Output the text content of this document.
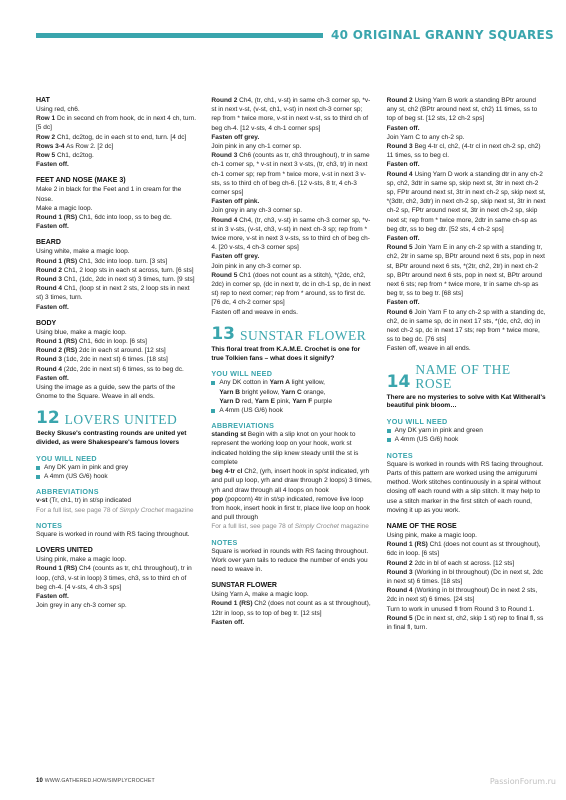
40 ORIGINAL GRANNY SQUARES
HAT

Using red, ch6.
Row 1 Dc in second ch from hook, dc in next 4 ch, turn. [5 dc]
Row 2 Ch1, dc2tog, dc in each st to end, turn. [4 dc]
Rows 3-4 As Row 2. [2 dc]
Row 5 Ch1, dc2tog.
Fasten off.

FEET AND NOSE (MAKE 3)

Make 2 in black for the Feet and 1 in cream for the Nose.
Make a magic loop.
Round 1 (RS) Ch1, 6dc into loop, ss to beg dc.
Fasten off.

BEARD

Using white, make a magic loop.
Round 1 (RS) Ch1, 3dc into loop. turn. [3 sts]
Round 2 Ch1, 2 loop sts in each st across, turn. [6 sts]
Round 3 Ch1, (1dc, 2dc in next st) 3 times, turn. [9 sts]
Round 4 Ch1, (loop st in next 2 sts, 2 loop sts in next st) 3 times, turn.
Fasten off.

BODY

Using blue, make a magic loop.
Round 1 (RS) Ch1, 6dc in loop. [6 sts]
Round 2 (RS) 2dc in each st around. [12 sts]
Round 3 (1dc, 2dc in next st) 6 times. [18 sts]
Round 4 (2dc, 2dc in next st) 6 times, ss to beg dc.
Fasten off.
Using the image as a guide, sew the parts of the Gnome to the Square. Weave in all ends.

12 LOVERS UNITED
Becky Skuse's contrasting rounds are united yet divided, as were Shakespeare's famous lovers
YOU WILL NEED
Any DK yarn in pink and grey
A 4mm (US G/6) hook
ABBREVIATIONS

v-st (Tr, ch1, tr) in st/sp indicated
For a full list, see page 78 of Simply Crochet magazine

NOTES

Square is worked in round with RS facing throughout.

LOVERS UNITED

Using pink, make a magic loop.
Round 1 (RS) Ch4 (counts as tr, ch1 throughout), tr in loop, (ch3, v-st in loop) 3 times, ch3, ss to third ch of beg ch-4. [4 v-sts, 4 ch-3 sps]
Fasten off.
Join grey in any ch-3 corner sp.

Round 2 Ch4, (tr, ch1, v-st) in same ch-3 corner sp, *v-st in next v-st, (v-st, ch1, v-st) in next ch-3 corner sp; rep from * twice more, v-st in next v-st, ss to third ch of beg ch-4. [12 v-sts, 4 ch-1 corner sps]
Fasten off grey.
Join pink in any ch-1 corner sp.
Round 3 Ch6 (counts as tr, ch3 throughout), tr in same ch-1 corner sp, * v-st in next 3 v-sts, (tr, ch3, tr) in next ch-1 corner sp; rep from * twice more, v-st in next 3 v-sts, ss to third ch of beg ch-6. [12 v-sts, 8 tr, 4 ch-3 corner sps]
Fasten off pink.
Join grey in any ch-3 corner sp.
Round 4 Ch4, (tr, ch3, v-st) in same ch-3 corner sp, *v-st in 3 v-sts, (v-st, ch3, v-st) in next ch-3 sp; rep from * twice more, v-st in next 3 v-sts, ss to third ch of beg ch-4. [20 v-sts, 4 ch-3 corner sps]
Fasten off grey.
Join pink in any ch-3 corner sp.
Round 5 Ch1 (does not count as a stitch), *(2dc, ch2, 2dc) in corner sp, (dc in next tr, dc in ch-1 sp, dc in next st) rep to next corner; rep from * around, ss to first dc. [76 dc, 4 ch-2 corner sps]
Fasten off and weave in ends.

13 SUNSTAR FLOWER
This floral treat from K.A.M.E. Crochet is one for true Tolkien fans – what does it signify?
YOU WILL NEED
Any DK cotton in Yarn A light yellow,

Yarn B bright yellow, Yarn C orange,
Yarn D red, Yarn E pink, Yarn F purple

A 4mm (US G/6) hook
ABBREVIATIONS

standing st Begin with a slip knot on your hook to represent the working loop on your hook, work st indicated holding the slip knew steady until the st is complete
beg 4-tr cl Ch2, (yrh, insert hook in sp/st indicated, yrh and pull up loop, yrh and draw through 2 loops) 3 times, yrh and draw through all 4 loops on hook
pop (popcorn) 4tr in st/sp indicated, remove live loop from hook, insert hook in first tr, place live loop on hook and pull through
For a full list, see page 78 of Simply Crochet magazine

NOTES

Square is worked in rounds with RS facing throughout. Work over yarn tails to reduce the number of ends you need to weave in.

SUNSTAR FLOWER

Using Yarn A, make a magic loop.
Round 1 (RS) Ch2 (does not count as a st throughout), 12tr in loop, ss to top of beg tr. [12 sts]
Fasten off.

Round 2 Using Yarn B work a standing BPtr around any st, ch2 (BPtr around next st, ch2) 11 times, ss to top of beg st. [12 sts, 12 ch-2 sps]
Fasten off.
Join Yarn C to any ch-2 sp.
Round 3 Beg 4-tr cl, ch2, (4-tr cl in next ch-2 sp, ch2) 11 times, ss to beg cl.
Fasten off.
Round 4 Using Yarn D work a standing dtr in any ch-2 sp, ch2, 3dtr in same sp, skip next st, 3tr in next ch-2 sp, FPtr around next st, 3tr in next ch-2 sp, skip next st, *(3dtr, ch2, 3dtr) in next ch-2 sp, skip next st, 3tr in next ch-2 sp, FPtr around next st, 3tr in next ch-2 sp, skip next st; rep from * twice more, 2dtr in same ch-sp as beg dtr, ss to beg dtr. [52 sts, 4 ch-2 sps]
Fasten off.
Round 5 Join Yarn E in any ch-2 sp with a standing tr, ch2, 2tr in same sp, BPtr around next 6 sts, pop in next st, BPtr around next 6 sts, *(2tr, ch2, 2tr) in next ch-2 sp, BPtr around next 6 sts, pop in next st, BPtr around next 6 sts; rep from * twice more, tr in same ch-sp as beg tr, ss to beg tr. [68 sts]
Fasten off.
Round 6 Join Yarn F to any ch-2 sp with a standing dc, ch2, dc in same sp, dc in next 17 sts, *(dc, ch2, dc) in next ch-2 sp, dc in next 17 sts; rep from * twice more, ss to beg dc. [76 sts]
Fasten off, weave in all ends.

14
NAME OF THE ROSE
There are no mysteries to solve with Kat Witherall's beautiful pink bloom…
YOU WILL NEED
Any DK yarn in pink and green
A 4mm (US G/6) hook
NOTES

Square is worked in rounds with RS facing throughout.
Parts of this pattern are worked using the amigurumi method. Work stitches continuously in a spiral without closing off each round with a slip stitch. It may help to use a stitch marker in the first stitch of each round, moving it up as you work.

NAME OF THE ROSE

Using pink, make a magic loop.
Round 1 (RS) Ch1 (does not count as st throughout), 6dc in loop. [6 sts]
Round 2 2dc in bl of each st across. [12 sts]
Round 3 (Working in bl throughout) (Dc in next st, 2dc in next st) 6 times. [18 sts]
Round 4 (Working in bl throughout) Dc in next 2 sts, 2dc in next st) 6 times. [24 sts]
Turn to work in unused fl from Round 3 to Round 1.
Round 5 (Dc in next st, ch2, skip 1 st) rep to final fl, ss in final fl, turn.

10 WWW.GATHERED.HOW/SIMPLYCROCHET	PassionForum.ru
